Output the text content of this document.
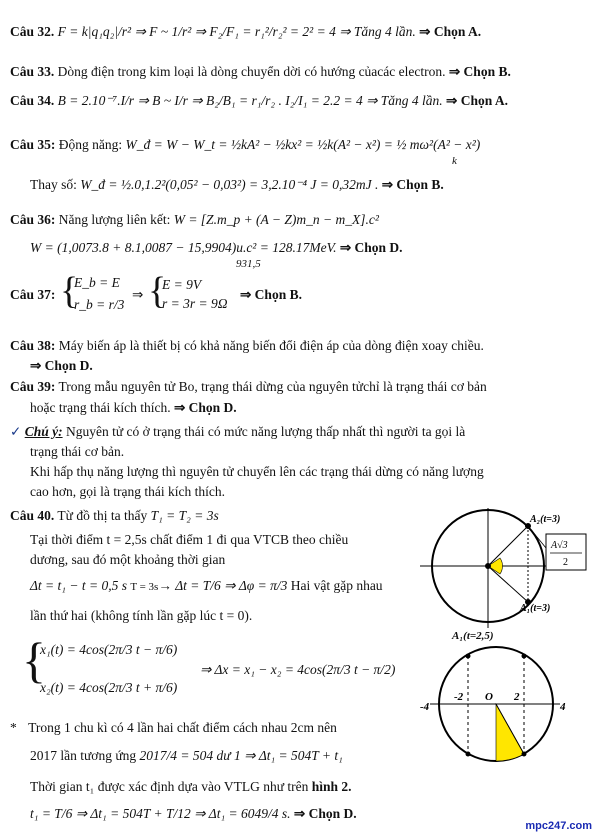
Câu 32. F = k|q₁q₂|/r² ⇒ F ~ 1/r² ⇒ F₂/F₁ = r₁²/r₂² = 2² = 4 ⇒ Tăng 4 lần. ⇒ Chọn A.
Câu 33. Dòng điện trong kim loại là dòng chuyển dời có hướng củacác electron. ⇒ Chọn B.
Câu 34. B = 2.10⁻⁷.I/r ⇒ B ~ I/r ⇒ B₂/B₁ = r₁/r₂ . I₂/I₁ = 2.2 = 4 ⇒ Tăng 4 lần. ⇒ Chọn A.
Câu 35: Động năng: W_đ = W − W_t = ½kA² − ½kx² = ½k(A² − x²) = ½ mω²(A² − x²)
k
Thay số: W_đ = ½.0,1.2²(0,05² − 0,03²) = 3,2.10⁻⁴ J = 0,32mJ . ⇒ Chọn B.
Câu 36: Năng lượng liên kết: W = [Z.m_p + (A − Z)m_n − m_X].c²
W = (1,0073.8 + 8.1,0087 − 15,9904)u.c² = 128.17MeV. ⇒ Chọn D.
931,5
Câu 37: {
E_b = E
r_b = r/3
⇒ {
E = 9V
r = 3r = 9Ω
⇒ Chọn B.
Câu 38: Máy biến áp là thiết bị có khả năng biến đổi điện áp của dòng điện xoay chiều.
⇒ Chọn D.
Câu 39: Trong mẫu nguyên tử Bo, trạng thái dừng của nguyên tửchỉ là trạng thái cơ bản
hoặc trạng thái kích thích. ⇒ Chọn D.
✓ Chú ý: Nguyên tử có ở trạng thái có mức năng lượng thấp nhất thì người ta gọi là
trạng thái cơ bản.
Khi hấp thụ năng lượng thì nguyên tử chuyển lên các trạng thái dừng có năng lượng
cao hơn, gọi là trạng thái kích thích.
Câu 40. Từ đồ thị ta thấy T₁ = T₂ = 3s
Tại thời điểm t = 2,5s chất điểm 1 đi qua VTCB theo chiều
dương, sau đó một khoảng thời gian
Δt = t₁ − t = 0,5 s T = 3s→ Δt = T/6 ⇒ Δφ = π/3 Hai vật gặp nhau
lần thứ hai (không tính lần gặp lúc t = 0).
{
x₁(t) = 4cos(2π/3 t − π/6)
x₂(t) = 4cos(2π/3 t + π/6)
⇒ Δx = x₁ − x₂ = 4cos(2π/3 t − π/2)
* Trong 1 chu kì có 4 lần hai chất điểm cách nhau 2cm nên
2017 lần tương ứng 2017/4 = 504 dư 1 ⇒ Δt₁ = 504T + t₁
Thời gian t₁ được xác định dựa vào VTLG như trên hình 2.
t₁ = T/6 ⇒ Δt₁ = 504T + T/12 ⇒ Δt₁ = 6049/4 s. ⇒ Chọn D.
A₂(t=3)
A₁(t=3)
A√3
2
A₁(t=2,5)
-4
-2 O 2
4
mpc247.com
